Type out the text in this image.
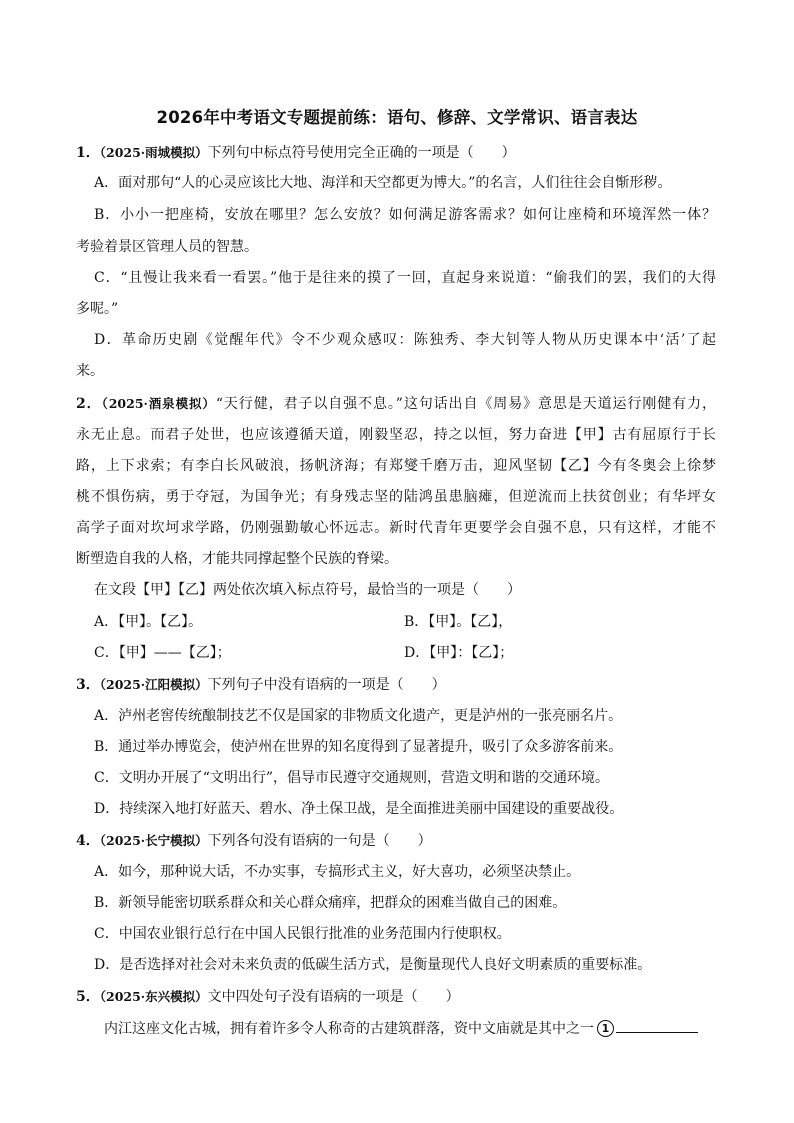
2026年中考语文专题提前练：语句、修辞、文学常识、语言表达
1．（2025·雨城模拟）下列句中标点符号使用完全正确的一项是（　　）
A．面对那句“人的心灵应该比大地、海洋和天空都更为博大。”的名言，人们往往会自惭形秽。
B．小小一把座椅，安放在哪里？怎么安放？如何满足游客需求？如何让座椅和环境浑然一体？
考验着景区管理人员的智慧。
C．“且慢让我来看一看罢。”他于是往来的摸了一回，直起身来说道：“偷我们的罢，我们的大得
多呢。”
D．革命历史剧《觉醒年代》令不少观众感叹：陈独秀、李大钊等人物从历史课本中‘活’了起
来。
2．（2025·酒泉模拟）“天行健，君子以自强不息。”这句话出自《周易》意思是天道运行刚健有力，
永无止息。而君子处世，也应该遵循天道，刚毅坚忍，持之以恒，努力奋进【甲】古有屈原行于长
路，上下求索；有李白长风破浪，扬帆济海；有郑燮千磨万击，迎风坚韧【乙】今有冬奥会上徐梦
桃不惧伤病，勇于夺冠，为国争光；有身残志坚的陆鸿虽患脑瘫，但逆流而上扶贫创业；有华坪女
高学子面对坎坷求学路，仍刚强勤敏心怀远志。新时代青年更要学会自强不息，只有这样，才能不
断塑造自我的人格，才能共同撑起整个民族的脊梁。
在文段【甲】【乙】两处依次填入标点符号，最恰当的一项是（　　）
A．【甲】。【乙】。	B．【甲】。【乙】，
C．【甲】——【乙】；	D．【甲】：【乙】；
3．（2025·江阳模拟）下列句子中没有语病的一项是（　　）
A．泸州老窖传统酿制技艺不仅是国家的非物质文化遗产，更是泸州的一张亮丽名片。
B．通过举办博览会，使泸州在世界的知名度得到了显著提升，吸引了众多游客前来。
C．文明办开展了“文明出行”，倡导市民遵守交通规则，营造文明和谐的交通环境。
D．持续深入地打好蓝天、碧水、净土保卫战，是全面推进美丽中国建设的重要战役。
4．（2025·长宁模拟）下列各句没有语病的一句是（　　）
A．如今，那种说大话，不办实事，专搞形式主义，好大喜功，必须坚决禁止。
B．新领导能密切联系群众和关心群众痛痒，把群众的困难当做自己的困难。
C．中国农业银行总行在中国人民银行批准的业务范围内行使职权。
D．是否选择对社会对未来负责的低碳生活方式，是衡量现代人良好文明素质的重要标准。
5．（2025·东兴模拟）文中四处句子没有语病的一项是（　　）
内江这座文化古城，拥有着许多令人称奇的古建筑群落，资中文庙就是其中之一 1
